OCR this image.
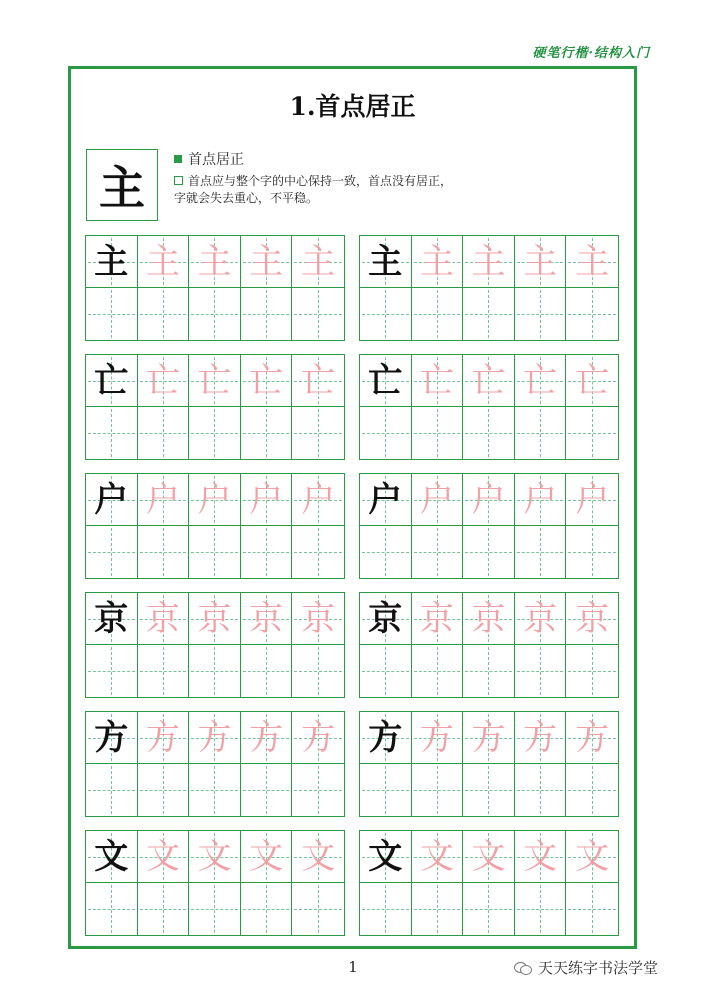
硬笔行楷·结构入门
1.首点居正
主
首点居正
首点应与整个字的中心保持一致，首点没有居正，
字就会失去重心，不平稳。
主 主 主 主 主 主 主 主 主 主
亡 亡 亡 亡 亡 亡 亡 亡 亡 亡
户 户 户 户 户 户 户 户 户 户
京 京 京 京 京 京 京 京 京 京
方 方 方 方 方 方 方 方 方 方
文 文 文 文 文 文 文 文 文 文
1	天天练字书法学堂
